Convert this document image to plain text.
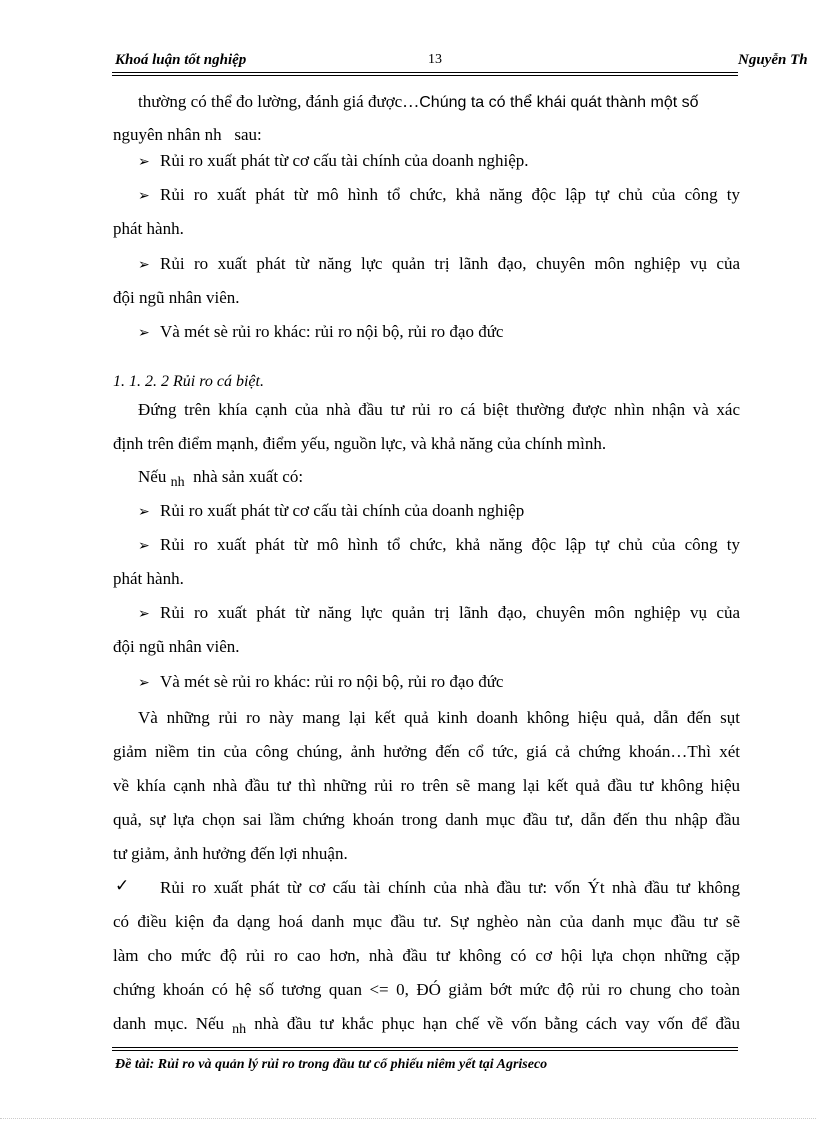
Khoá luận tốt nghiệp	13	Nguyễn Th
thường có thể đo lường, đánh giá được…Chúng ta có thể khái quát thành một số
nguyên nhân nh sau:
➢ Rủi ro xuất phát từ cơ cấu tài chính của doanh nghiệp.
➢ Rủi ro xuất phát từ mô hình tổ chức, khả năng độc lập tự chủ của công ty
phát hành.
➢ Rủi ro xuất phát từ năng lực quản trị lãnh đạo, chuyên môn nghiệp vụ của
đội ngũ nhân viên.
➢ Và mét sè rủi ro khác: rủi ro nội bộ, rủi ro đạo đức
1. 1. 2. 2 Rủi ro cá biệt.
Đứng trên khía cạnh của nhà đầu tư rủi ro cá biệt thường được nhìn nhận và xác
định trên điểm mạnh, điểm yếu, nguồn lực, và khả năng của chính mình.
Nếu $_{nh}$ nhà sản xuất có:
➢ Rủi ro xuất phát từ cơ cấu tài chính của doanh nghiệp
➢ Rủi ro xuất phát từ mô hình tổ chức, khả năng độc lập tự chủ của công ty
phát hành.
➢ Rủi ro xuất phát từ năng lực quản trị lãnh đạo, chuyên môn nghiệp vụ của
đội ngũ nhân viên.
➢ Và mét sè rủi ro khác: rủi ro nội bộ, rủi ro đạo đức
Và những rủi ro này mang lại kết quả kinh doanh không hiệu quả, dẫn đến sụt
giảm niềm tin của công chúng, ảnh hưởng đến cổ tức, giá cả chứng khoán…Thì xét
về khía cạnh nhà đầu tư thì những rủi ro trên sẽ mang lại kết quả đầu tư không hiệu
quả, sự lựa chọn sai lầm chứng khoán trong danh mục đầu tư, dẫn đến thu nhập đầu
tư giảm, ảnh hưởng đến lợi nhuận.
✓ Rủi ro xuất phát từ cơ cấu tài chính của nhà đầu tư: vốn Ýt nhà đầu tư không
có điều kiện đa dạng hoá danh mục đầu tư. Sự nghèo nàn của danh mục đầu tư sẽ
làm cho mức độ rủi ro cao hơn, nhà đầu tư không có cơ hội lựa chọn những cặp
chứng khoán có hệ số tương quan <= 0, ĐÓ giảm bớt mức độ rủi ro chung cho toàn
danh mục. Nếu $_{nh}$ nhà đầu tư khắc phục hạn chế về vốn bằng cách vay vốn để đầu
Đề tài: Rủi ro và quản lý rủi ro trong đầu tư cổ phiếu niêm yết tại Agriseco
